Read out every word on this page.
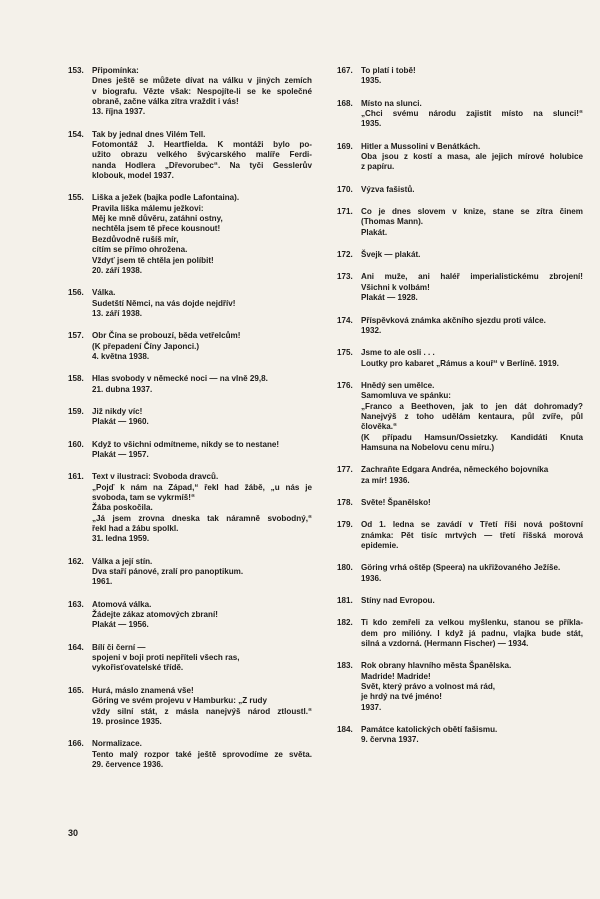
153.	Připomínka:
Dnes ještě se můžete dívat na válku v jiných zemích
v biografu. Vězte však: Nespojíte-li se ke společné
obraně, začne válka zítra vraždit i vás!
13. října 1937.
154.	Tak by jednal dnes Vilém Tell.
Fotomontáž J. Heartfielda. K montáži bylo po-
užito obrazu velkého švýcarského malíře Ferdi-
nanda Hodlera „Dřevorubec“. Na tyči Gesslerův
klobouk, model 1937.
155.	Liška a ježek (bajka podle Lafontaina).
Pravila liška málemu ježkovi:
Měj ke mně důvěru, zatáhni ostny,
nechtěla jsem tě přece kousnout!
Bezdůvodně rušíš mír,
cítím se přímo ohrožena.
Vždyť jsem tě chtěla jen políbit!
20. září 1938.
156.	Válka.
Sudetští Němci, na vás dojde nejdřív!
13. září 1938.
157.	Obr Čína se probouzí, běda vetřelcům!
(K přepadení Číny Japonci.)
4. května 1938.
158.	Hlas svobody v německé noci — na vlně 29,8.
21. dubna 1937.
159.	Již nikdy víc!
Plakát — 1960.
160.	Když to všichni odmítneme, nikdy se to nestane!
Plakát — 1957.
161.	Text v ilustraci: Svoboda dravců.
„Pojď k nám na Západ,“ řekl had žábě, „u nás je
svoboda, tam se vykrmíš!“
Žába poskočila.
„Já jsem zrovna dneska tak náramně svobodný,“
řekl had a žábu spolkl.
31. ledna 1959.
162.	Válka a její stín.
Dva staří pánové, zralí pro panoptikum.
1961.
163.	Atomová válka.
Žádejte zákaz atomových zbraní!
Plakát — 1956.
164.	Bílí či černí —
spojeni v boji proti nepříteli všech ras,
vykořisťovatelské třídě.
165.	Hurá, máslo znamená vše!
Göring ve svém projevu v Hamburku: „Z rudy
vždy silní stát, z másla nanejvýš národ ztloustl.“
19. prosince 1935.
166.	Normalizace.
Tento malý rozpor také ještě sprovodíme ze světa.
29. července 1936.
167.	To platí i tobě!
1935.
168.	Místo na slunci.
„Chci svému národu zajistit místo na slunci!“
1935.
169.	Hitler a Mussolini v Benátkách.
Oba jsou z kostí a masa, ale jejich mírové holubice
z papíru.
170.	Výzva fašistů.
171.	Co je dnes slovem v knize, stane se zítra činem
(Thomas Mann).
Plakát.
172.	Švejk — plakát.
173.	Ani muže, ani haléř imperialistickému zbrojení!
Všichni k volbám!
Plakát — 1928.
174.	Příspěvková známka akčního sjezdu proti válce.
1932.
175.	Jsme to ale osli . . .
Loutky pro kabaret „Rámus a kouř“ v Berlíně. 1919.
176.	Hnědý sen umělce.
Samomluva ve spánku:
„Franco a Beethoven, jak to jen dát dohromady?
Nanejvýš z toho udělám kentaura, půl zvíře, půl
člověka.“
(K případu Hamsun/Ossietzky. Kandidáti Knuta
Hamsuna na Nobelovu cenu míru.)
177.	Zachraňte Edgara Andréa, německého bojovníka
za mír! 1936.
178.	Světe! Španělsko!
179.	Od 1. ledna se zavádí v Třetí říši nová poštovní
známka: Pět tisíc mrtvých — třetí říšská morová
epidemie.
180.	Göring vrhá oštěp (Speera) na ukřižovaného Ježíše.
1936.
181.	Stíny nad Evropou.
182.	Ti kdo zemřeli za velkou myšlenku, stanou se příkla-
dem pro milióny. I když já padnu, vlajka bude stát,
silná a vzdorná. (Hermann Fischer) — 1934.
183.	Rok obrany hlavního města Španělska.
Madride! Madride!
Svět, který právo a volnost má rád,
je hrdý na tvé jméno!
1937.
184.	Památce katolických obětí fašismu.
9. června 1937.
30
